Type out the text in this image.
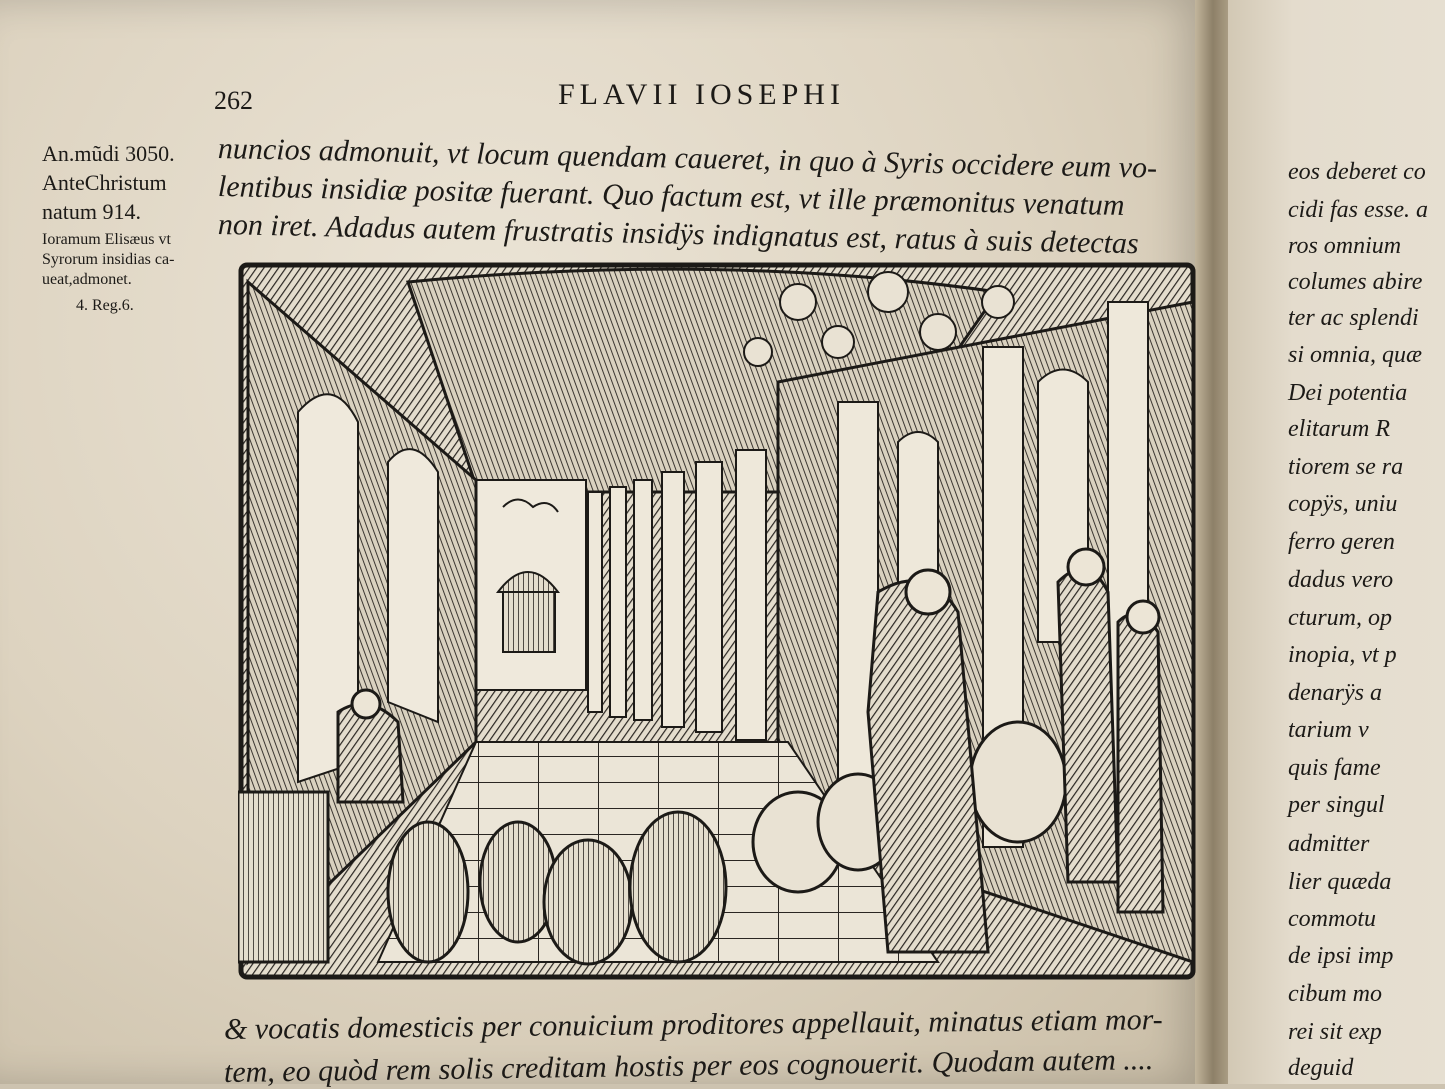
262	FLAVII IOSEPHI
An.mũdi 3050.
AnteChristum
natum 914.
Ioramum Elisæus vt
Syrorum insidias ca-
ueat,admonet.
4. Reg.6.
nuncios admonuit, vt locum quendam caueret, in quo à Syris occidere eum vo-
lentibus insidiæ positæ fuerant. Quo factum est, vt ille præmonitus venatum
non iret. Adadus autem frustratis insidÿs indignatus est, ratus à suis detectas
& vocatis domesticis per conuicium proditores appellauit, minatus etiam mor-
tem, eo quòd rem solis creditam hostis per eos cognouerit. Quodam autem ....
eos deberet co
cidi fas esse. a
ros omnium
columes abire
ter ac splendi
si omnia, quæ
Dei potentia
elitarum R
tiorem se ra
copÿs, uniu
ferro geren
dadus vero
cturum, op
inopia, vt p
denarÿs a
tarium v
quis fame
per singul
admitter
lier quæda
commotu
de ipsi imp
cibum mo
rei sit exp
deguid
